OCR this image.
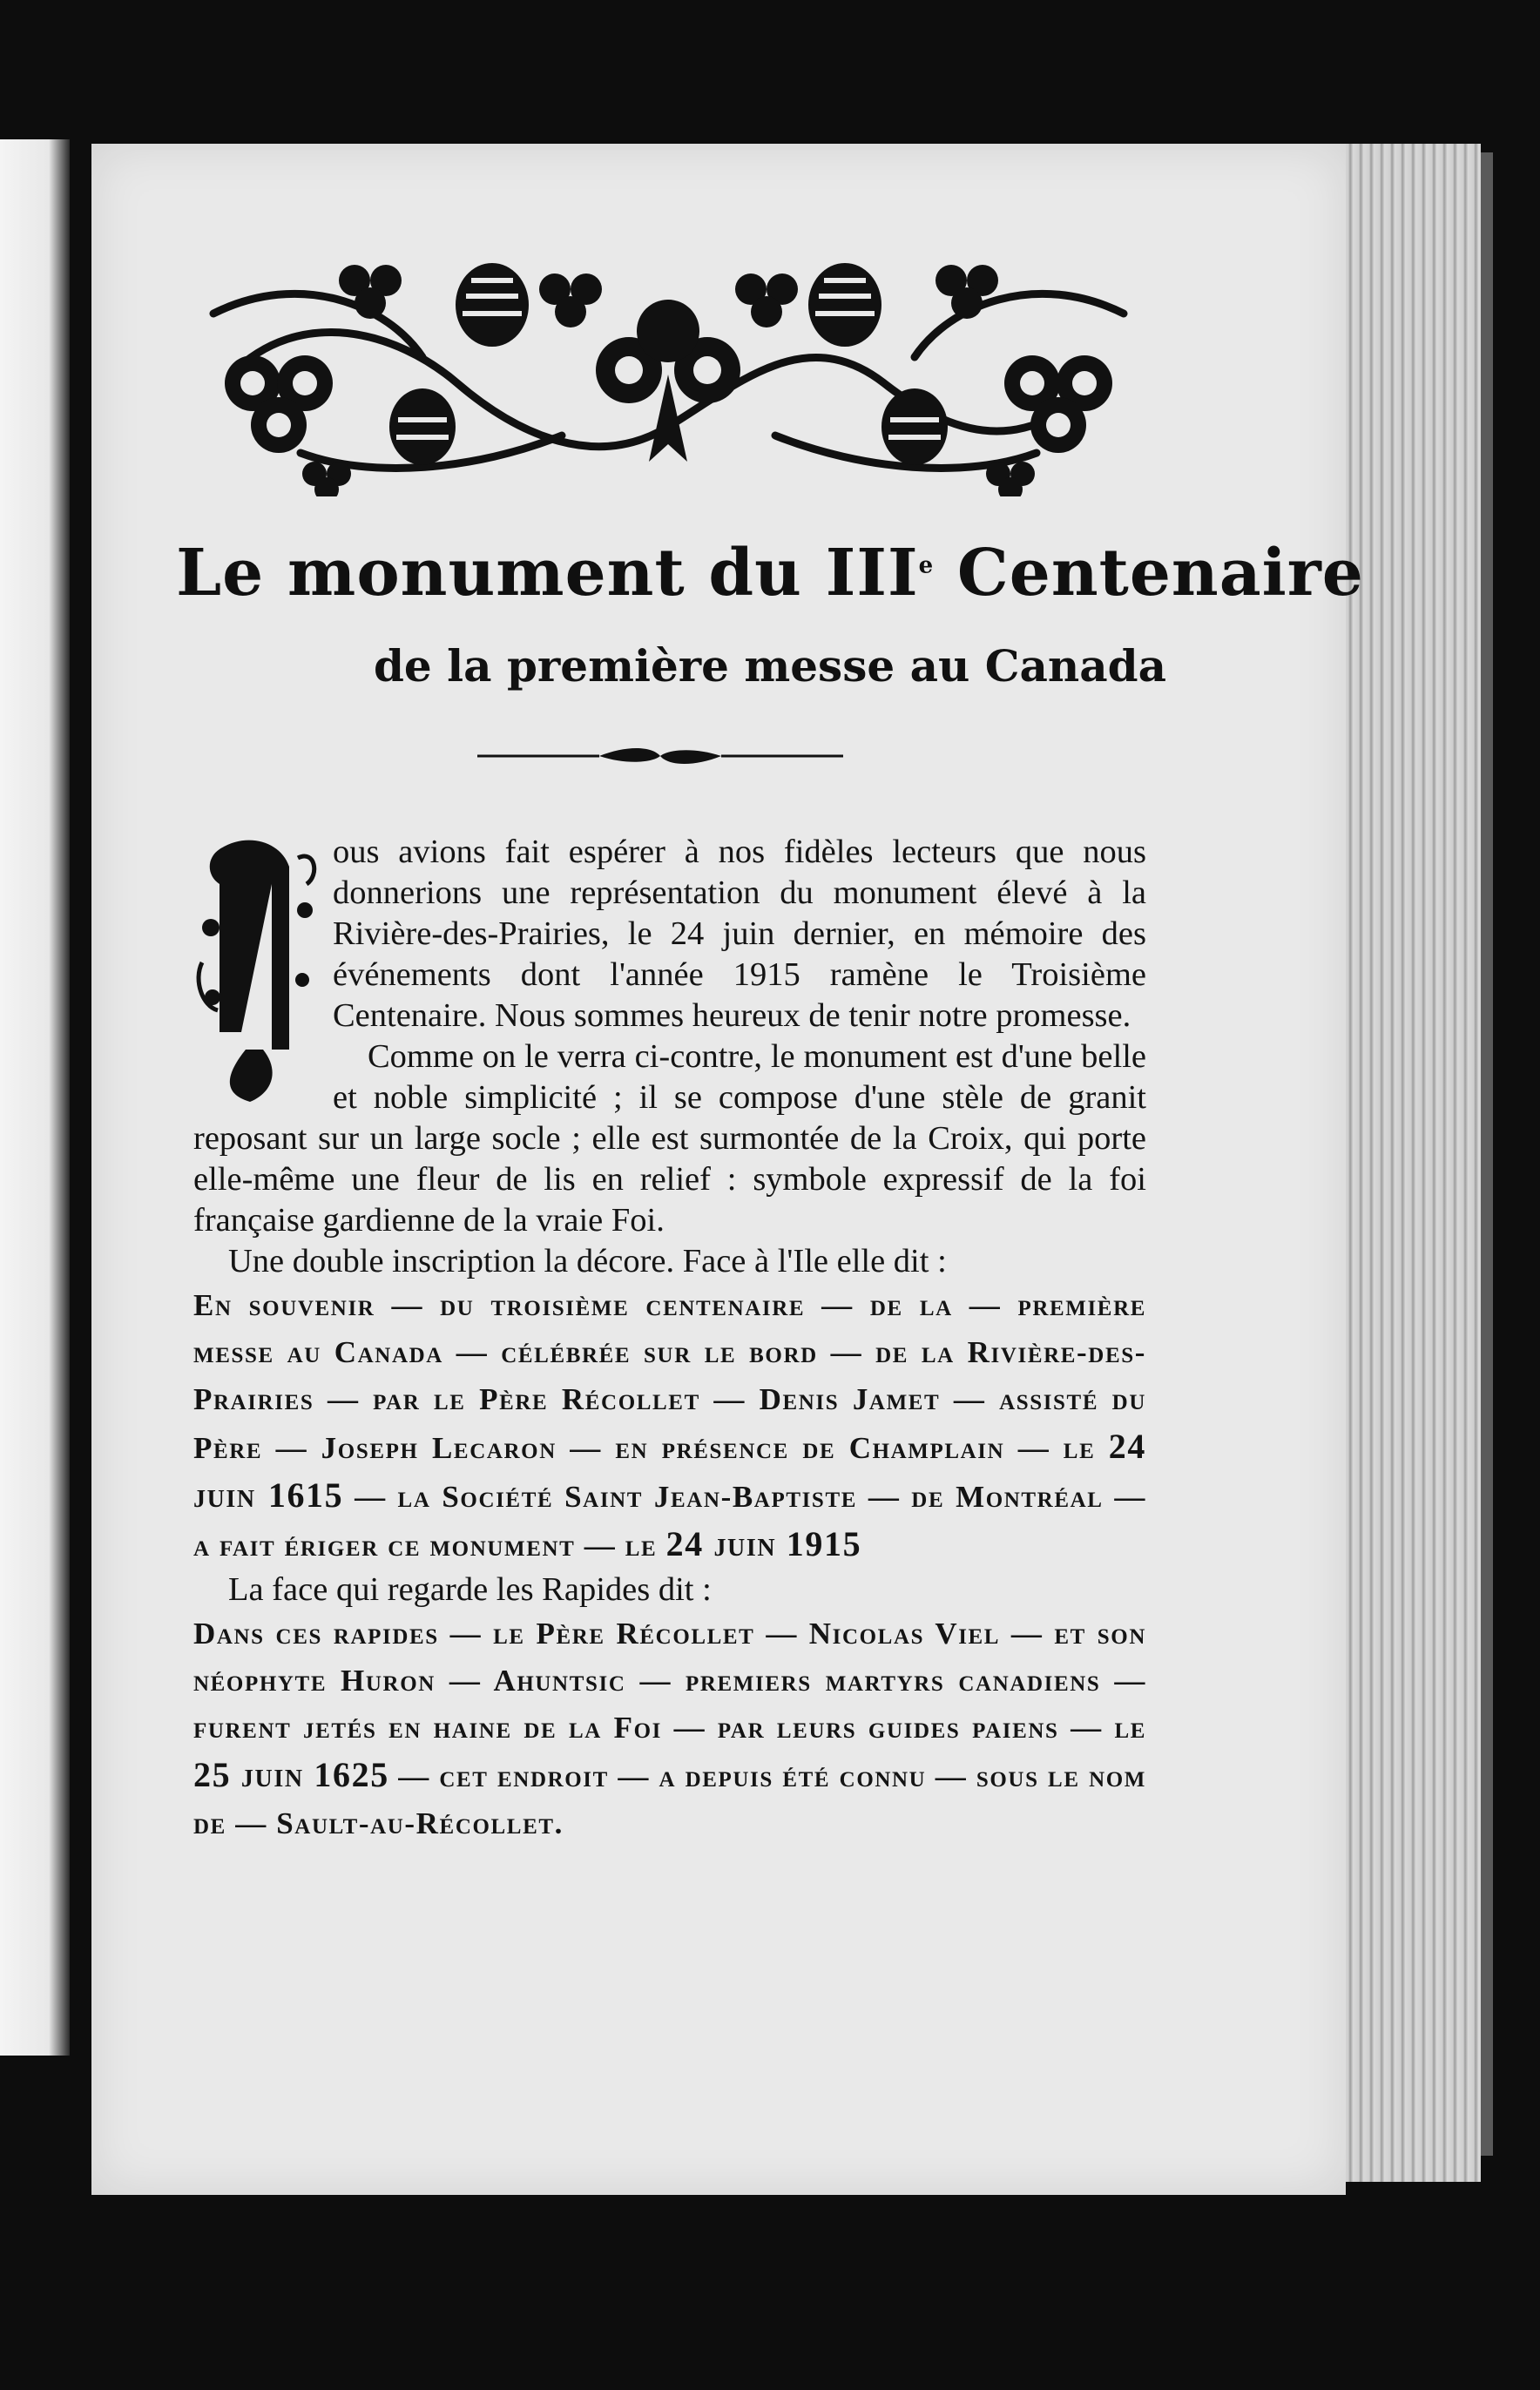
Le monument du IIIe Centenaire
de la première messe au Canada

ous avions fait espérer à nos fidèles lecteurs que nous donnerions une représentation du monument élevé à la Rivière-des-Prairies, le 24 juin dernier, en mémoire des événements dont l'année 1915 ramène le Troisième Centenaire. Nous sommes heureux de tenir notre promesse.

Comme on le verra ci-contre, le monument est d'une belle et noble simplicité ; il se compose d'une stèle de granit reposant sur un large socle ; elle est surmontée de la Croix, qui porte elle-même une fleur de lis en relief : symbole expressif de la foi française gardienne de la vraie Foi.

Une double inscription la décore. Face à l'Ile elle dit :

En souvenir — du troisième centenaire — de la — première messe au Canada — célébrée sur le bord — de la Rivière-des-Prairies — par le Père Récollet — Denis Jamet — assisté du Père — Joseph Lecaron — en présence de Champlain — le 24 juin 1615 — la Société Saint Jean-Baptiste — de Montréal — a fait ériger ce monument — le 24 juin 1915

La face qui regarde les Rapides dit :

Dans ces rapides — le Père Récollet — Nicolas Viel — et son néophyte Huron — Ahuntsic — premiers martyrs canadiens — furent jetés en haine de la Foi — par leurs guides paiens — le 25 juin 1625 — cet endroit — a depuis été connu — sous le nom de — Sault-au-Récollet.
